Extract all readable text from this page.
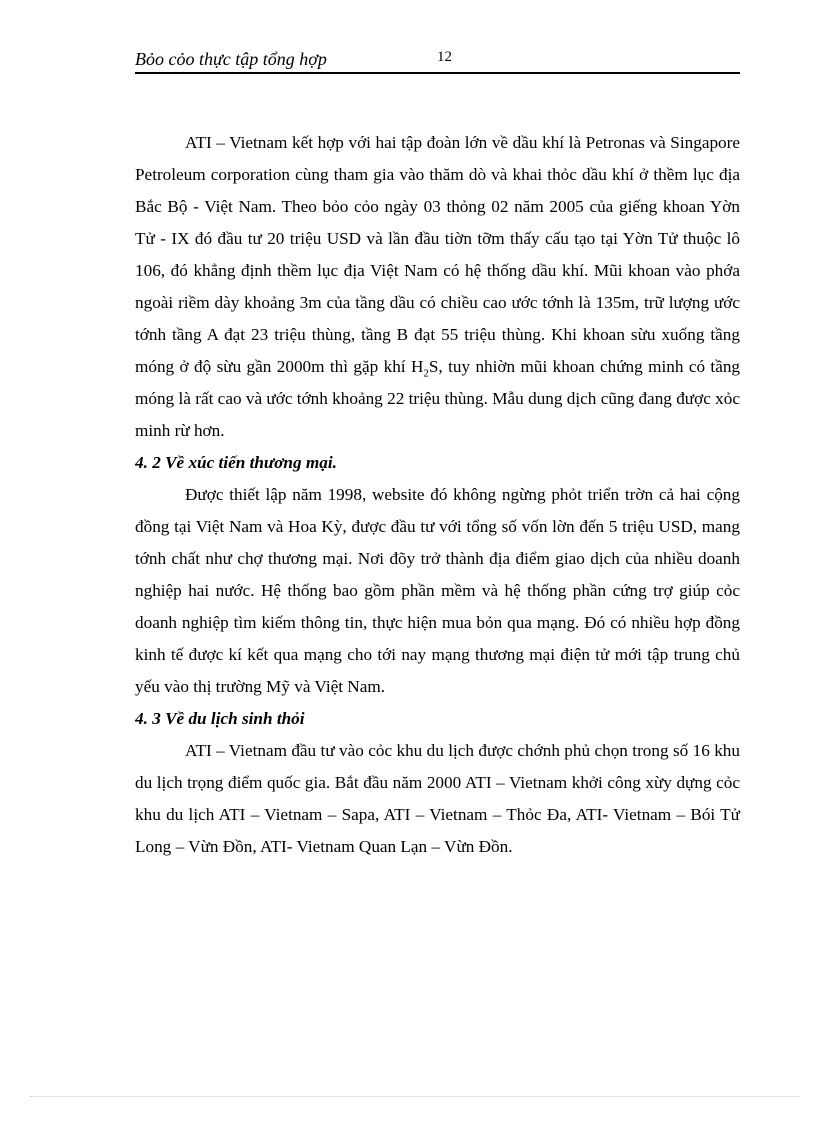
Bỏo cỏo thực tập tổng hợp	12

ATI – Vietnam kết hợp với hai tập đoàn lớn về dầu khí là Petronas và Singapore Petroleum corporation cùng tham gia vào thăm dò và khai thỏc dầu khí ở thềm lục địa Bắc Bộ - Việt Nam. Theo bỏo cỏo ngày 03 thỏng 02 năm 2005 của giếng khoan Yờn Tử - IX đó đầu tư 20 triệu USD và lần đầu tiờn tỡm thấy cấu tạo tại Yờn Tử thuộc lô 106, đó khẳng định thềm lục địa Việt Nam có hệ thống dầu khí. Mũi khoan vào phớa ngoài riềm dày khoảng 3m của tầng dầu có chiều cao ước tớnh là 135m, trữ lượng ước tớnh tầng A đạt 23 triệu thùng, tầng B đạt 55 triệu thùng. Khi khoan sừu xuống tầng móng ở độ sừu gần 2000m thì gặp khí $H_2S$, tuy nhiờn mũi khoan chứng minh có tầng móng là rất cao và ước tớnh khoảng 22 triệu thùng. Mẫu dung dịch cũng đang được xỏc minh rừ hơn.

4. 2 Về xúc tiến thương mại.

Được thiết lập năm 1998, website đó không ngừng phỏt triển trờn cả hai cộng đồng tại Việt Nam và Hoa Kỳ, được đầu tư với tổng số vốn lờn đến 5 triệu USD, mang tớnh chất như chợ thương mại. Nơi đõy trở thành địa điểm giao dịch của nhiều doanh nghiệp hai nước. Hệ thống bao gồm phần mềm và hệ thống phần cứng trợ giúp cỏc doanh nghiệp tìm kiếm thông tin, thực hiện mua bỏn qua mạng. Đó có nhiều hợp đồng kinh tế được kí kết qua mạng cho tới nay mạng thương mại điện tử mới tập trung chủ yếu vào thị trường Mỹ và Việt Nam.

4. 3 Về du lịch sinh thỏi

ATI – Vietnam đầu tư vào cỏc khu du lịch được chớnh phủ chọn trong số 16 khu du lịch trọng điểm quốc gia. Bắt đầu năm 2000 ATI – Vietnam khởi công xừy dựng cỏc khu du lịch ATI – Vietnam – Sapa, ATI – Vietnam – Thỏc Đa, ATI- Vietnam – Bói Tử Long – Vừn Đồn, ATI- Vietnam Quan Lạn – Vừn Đồn.
